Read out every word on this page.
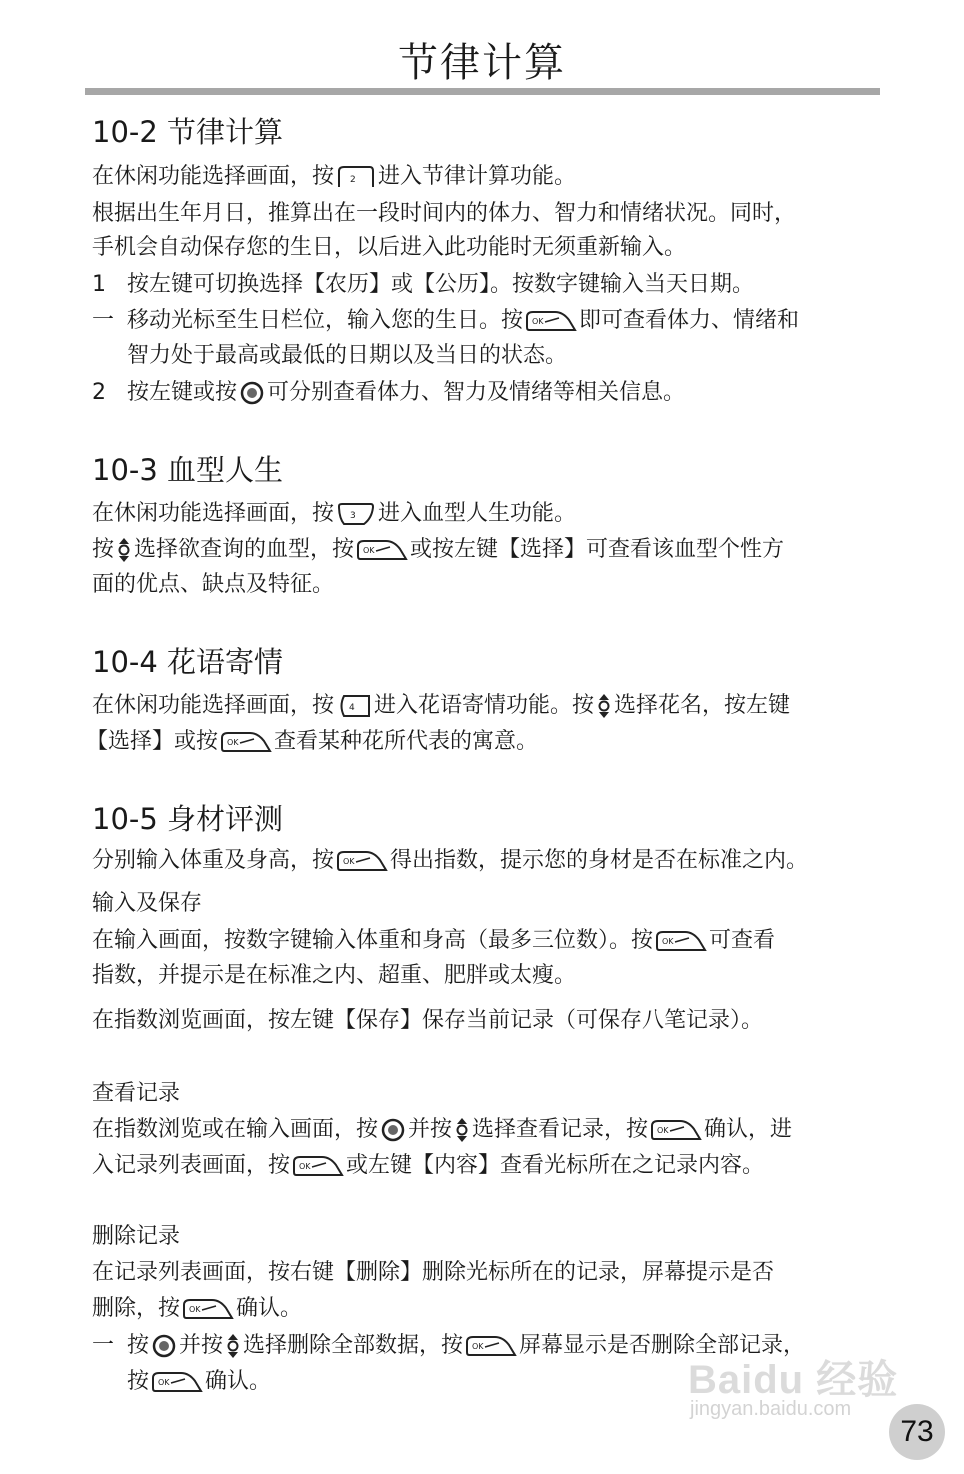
节律计算
10-2 节律计算
在休闲功能选择画面，按 2 进入节律计算功能。
根据出生年月日，推算出在一段时间内的体力、智力和情绪状况。同时，
手机会自动保存您的生日，以后进入此功能时无须重新输入。
1 按左键可切换选择【农历】或【公历】。按数字键输入当天日期。
一 移动光标至生日栏位，输入您的生日。按 OK 即可查看体力、情绪和
智力处于最高或最低的日期以及当日的状态。
2 按左键或按 可分别查看体力、智力及情绪等相关信息。
10-3 血型人生
在休闲功能选择画面，按 3 进入血型人生功能。
按 选择欲查询的血型，按 OK 或按左键【选择】可查看该血型个性方
面的优点、缺点及特征。
10-4 花语寄情
在休闲功能选择画面，按 4 进入花语寄情功能。按 选择花名，按左键
【选择】或按 OK 查看某种花所代表的寓意。
10-5 身材评测
分别输入体重及身高，按 OK 得出指数，提示您的身材是否在标准之内。
输入及保存
在输入画面，按数字键输入体重和身高（最多三位数）。按 OK 可查看
指数，并提示是在标准之内、超重、肥胖或太瘦。
在指数浏览画面，按左键【保存】保存当前记录（可保存八笔记录）。
查看记录
在指数浏览或在输入画面，按 并按 选择查看记录，按 OK 确认，进
入记录列表画面，按 OK 或左键【内容】查看光标所在之记录内容。
删除记录
在记录列表画面，按右键【删除】删除光标所在的记录，屏幕提示是否
删除，按 OK 确认。
一 按 并按 选择删除全部数据，按 OK 屏幕显示是否删除全部记录，
按 OK 确认。	Baidu 经验
jingyan.baidu.com
73
